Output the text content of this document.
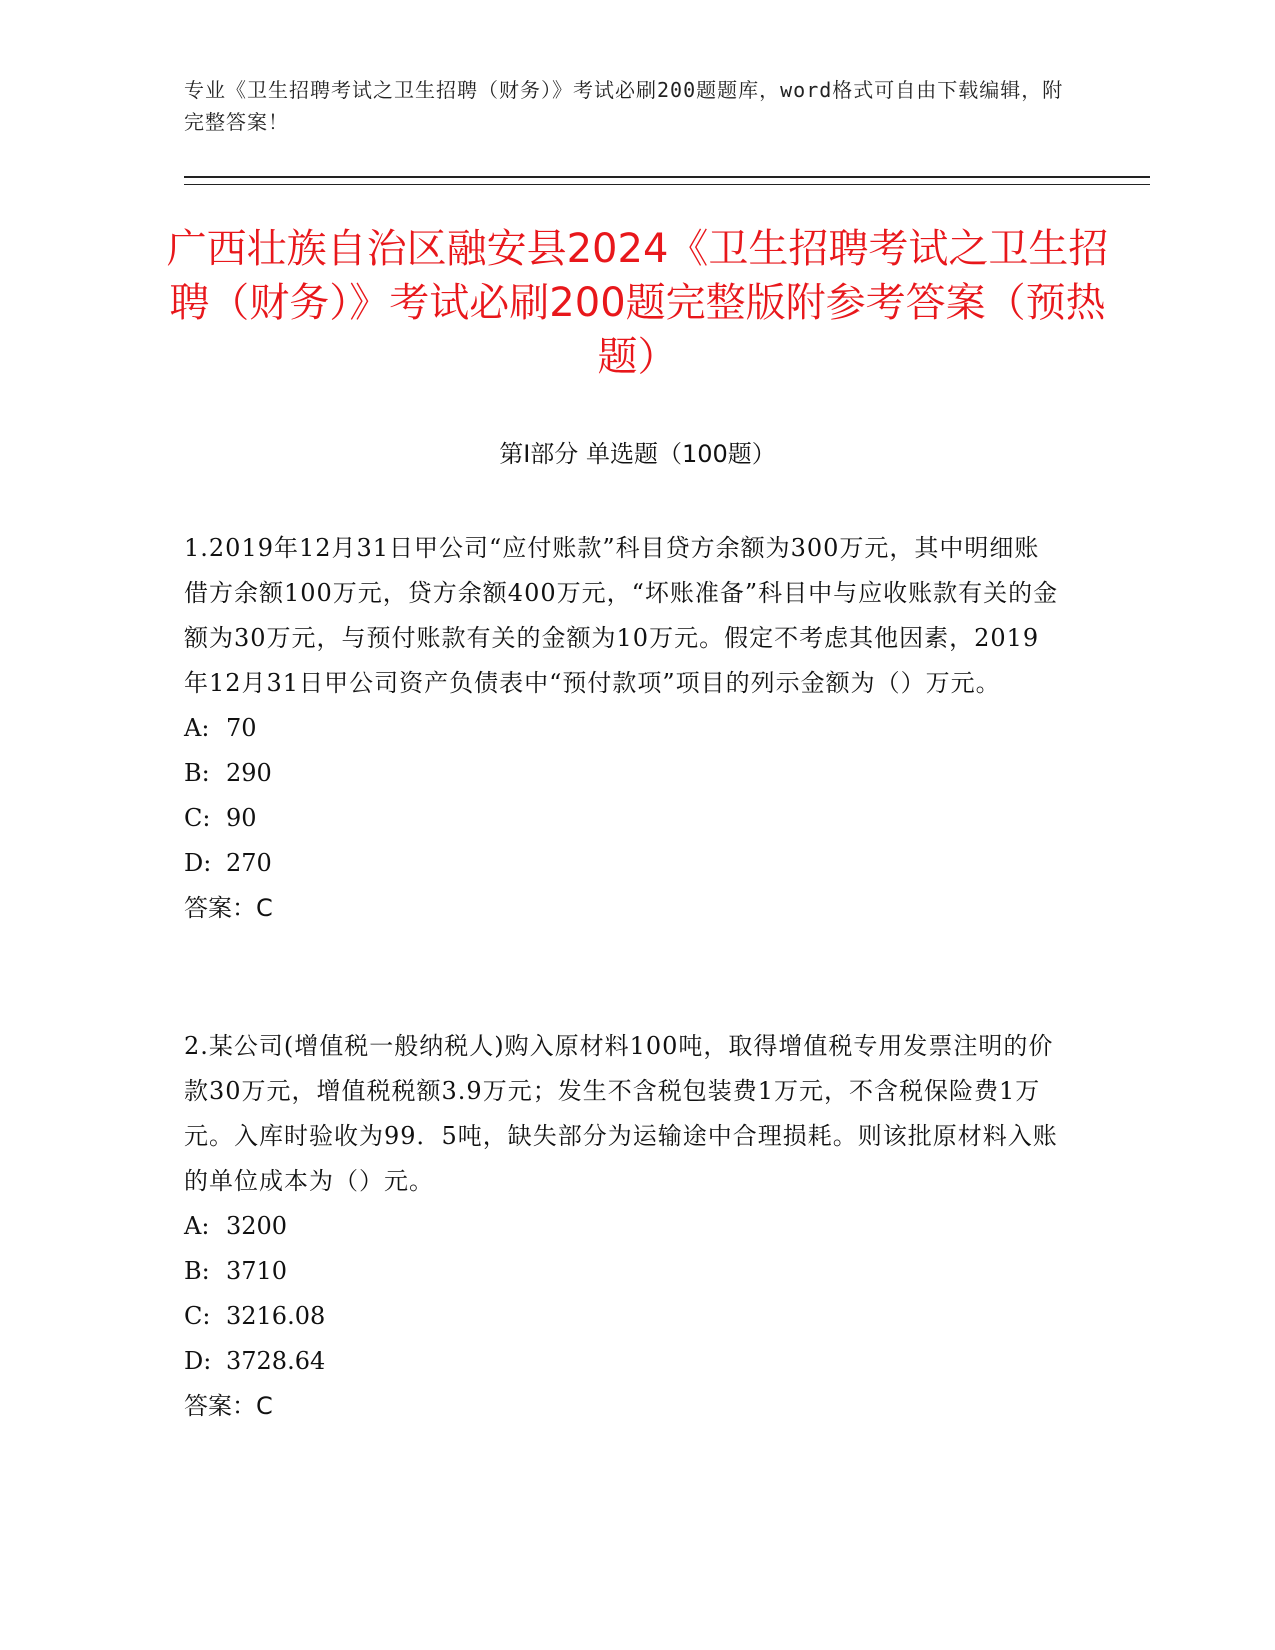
专业《卫生招聘考试之卫生招聘（财务）》考试必刷200题题库，word格式可自由下载编辑，附完整答案！
广西壮族自治区融安县2024《卫生招聘考试之卫生招聘（财务）》考试必刷200题完整版附参考答案（预热题）
第I部分 单选题（100题）

1.2019年12月31日甲公司“应付账款”科目贷方余额为300万元，其中明细账借方余额100万元，贷方余额400万元，“坏账准备”科目中与应收账款有关的金额为30万元，与预付账款有关的金额为10万元。假定不考虑其他因素，2019年12月31日甲公司资产负债表中“预付款项”项目的列示金额为（）万元。

A: 70

B: 290

C: 90

D: 270

答案：C

2.某公司(增值税一般纳税人)购入原材料100吨，取得增值税专用发票注明的价款30万元，增值税税额3.9万元；发生不含税包装费1万元，不含税保险费1万元。入库时验收为99．5吨，缺失部分为运输途中合理损耗。则该批原材料入账的单位成本为（）元。

A: 3200

B: 3710

C: 3216.08

D: 3728.64

答案：C
